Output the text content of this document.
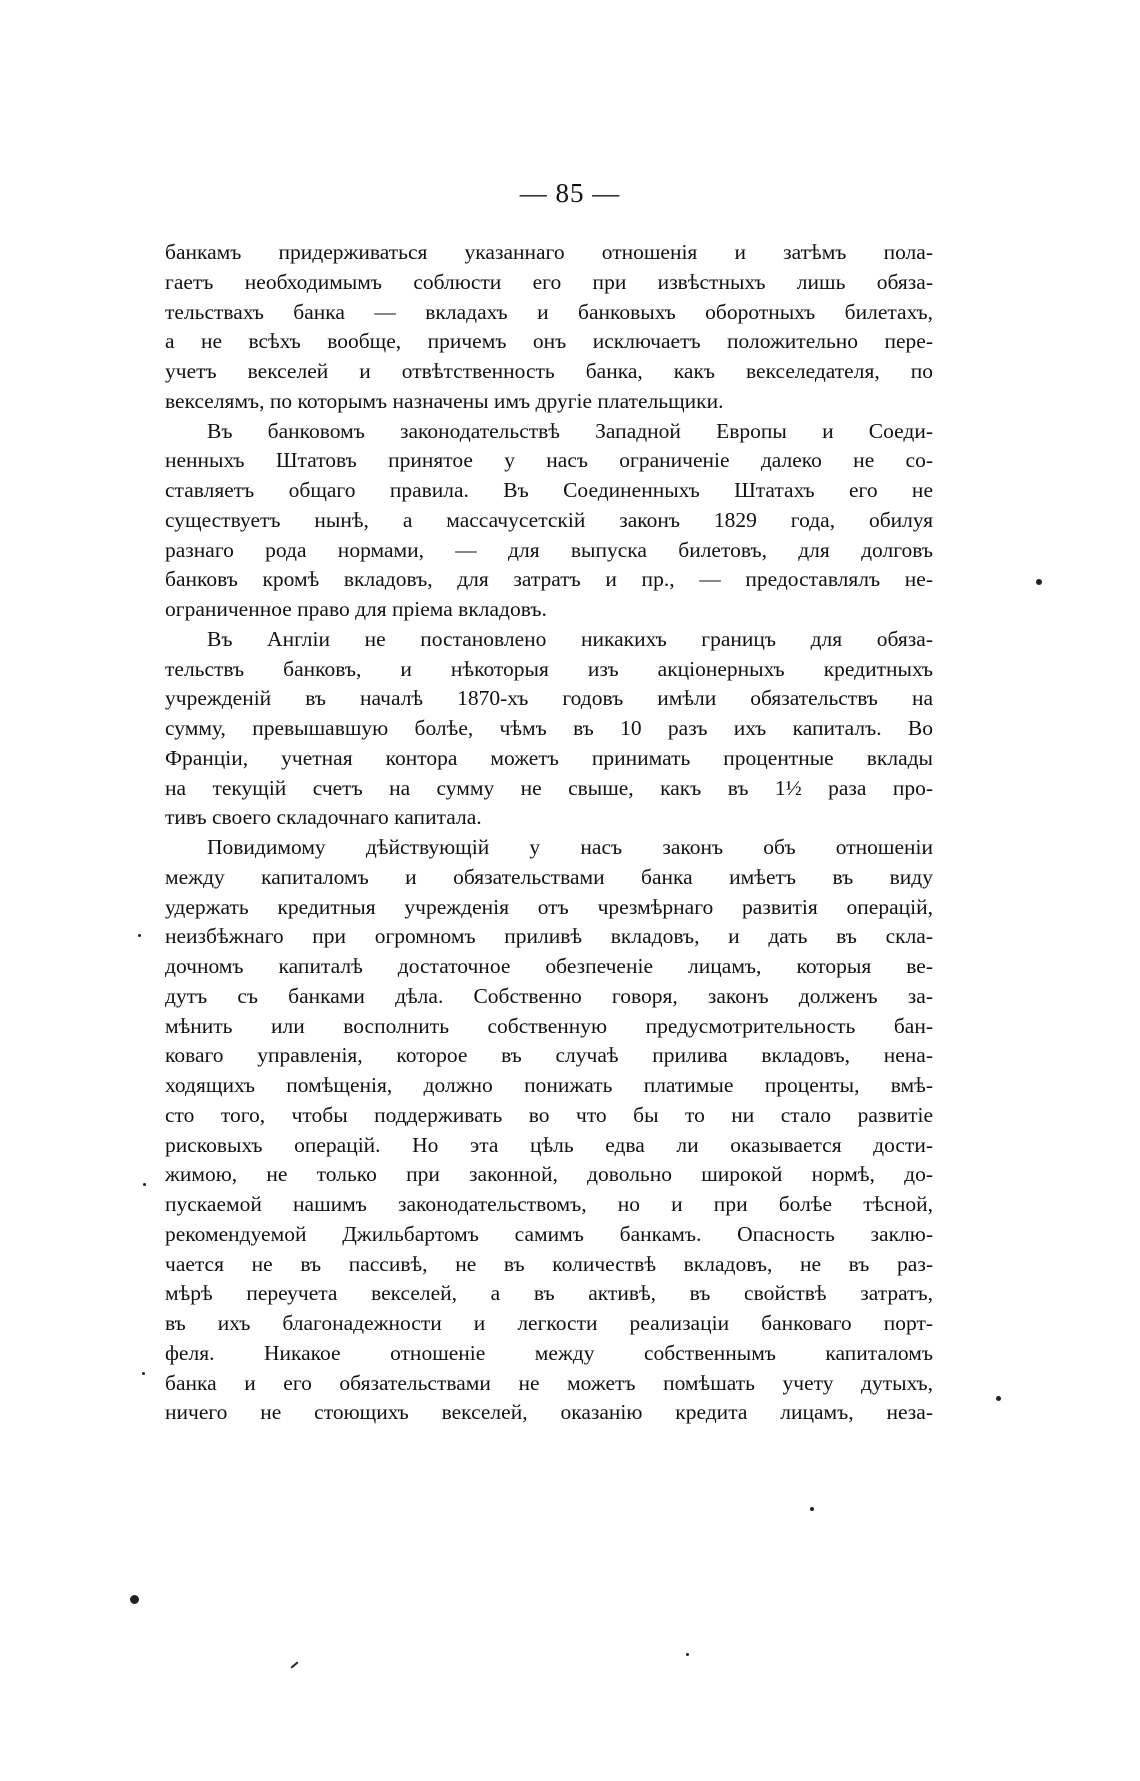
— 85 —
банкамъ придерживаться указаннаго отношенія и затѣмъ пола-
гаетъ необходимымъ соблюсти его при извѣстныхъ лишь обяза-
тельствахъ банка — вкладахъ и банковыхъ оборотныхъ билетахъ,
а не всѣхъ вообще, причемъ онъ исключаетъ положительно пере-
учетъ векселей и отвѣтственность банка, какъ векселедателя, по
векселямъ, по которымъ назначены имъ другіе плательщики.
Въ банковомъ законодательствѣ Западной Европы и Соеди-
ненныхъ Штатовъ принятое у насъ ограниченіе далеко не со-
ставляетъ общаго правила. Въ Соединенныхъ Штатахъ его не
существуетъ нынѣ, а массачусетскій законъ 1829 года, обилуя
разнаго рода нормами, — для выпуска билетовъ, для долговъ
банковъ кромѣ вкладовъ, для затратъ и пр., — предоставлялъ не-
ограниченное право для пріема вкладовъ.
Въ Англіи не постановлено никакихъ границъ для обяза-
тельствъ банковъ, и нѣкоторыя изъ акціонерныхъ кредитныхъ
учрежденій въ началѣ 1870-хъ годовъ имѣли обязательствъ на
сумму, превышавшую болѣе, чѣмъ въ 10 разъ ихъ капиталъ. Во
Франціи, учетная контора можетъ принимать процентные вклады
на текущій счетъ на сумму не свыше, какъ въ 1½ раза про-
тивъ своего складочнаго капитала.
Повидимому дѣйствующій у насъ законъ объ отношеніи
между капиталомъ и обязательствами банка имѣетъ въ виду
удержать кредитныя учрежденія отъ чрезмѣрнаго развитія операцій,
неизбѣжнаго при огромномъ приливѣ вкладовъ, и дать въ скла-
дочномъ капиталѣ достаточное обезпеченіе лицамъ, которыя ве-
дутъ съ банками дѣла. Собственно говоря, законъ долженъ за-
мѣнить или восполнить собственную предусмотрительность бан-
коваго управленія, которое въ случаѣ прилива вкладовъ, нена-
ходящихъ помѣщенія, должно понижать платимые проценты, вмѣ-
сто того, чтобы поддерживать во что бы то ни стало развитіе
рисковыхъ операцій. Но эта цѣль едва ли оказывается дости-
жимою, не только при законной, довольно широкой нормѣ, до-
пускаемой нашимъ законодательствомъ, но и при болѣе тѣсной,
рекомендуемой Джильбартомъ самимъ банкамъ. Опасность заклю-
чается не въ пассивѣ, не въ количествѣ вкладовъ, не въ раз-
мѣрѣ переучета векселей, а въ активѣ, въ свойствѣ затратъ,
въ ихъ благонадежности и легкости реализаціи банковаго порт-
феля. Никакое отношеніе между собственнымъ капиталомъ
банка и его обязательствами не можетъ помѣшать учету дутыхъ,
ничего не стоющихъ векселей, оказанію кредита лицамъ, неза-
